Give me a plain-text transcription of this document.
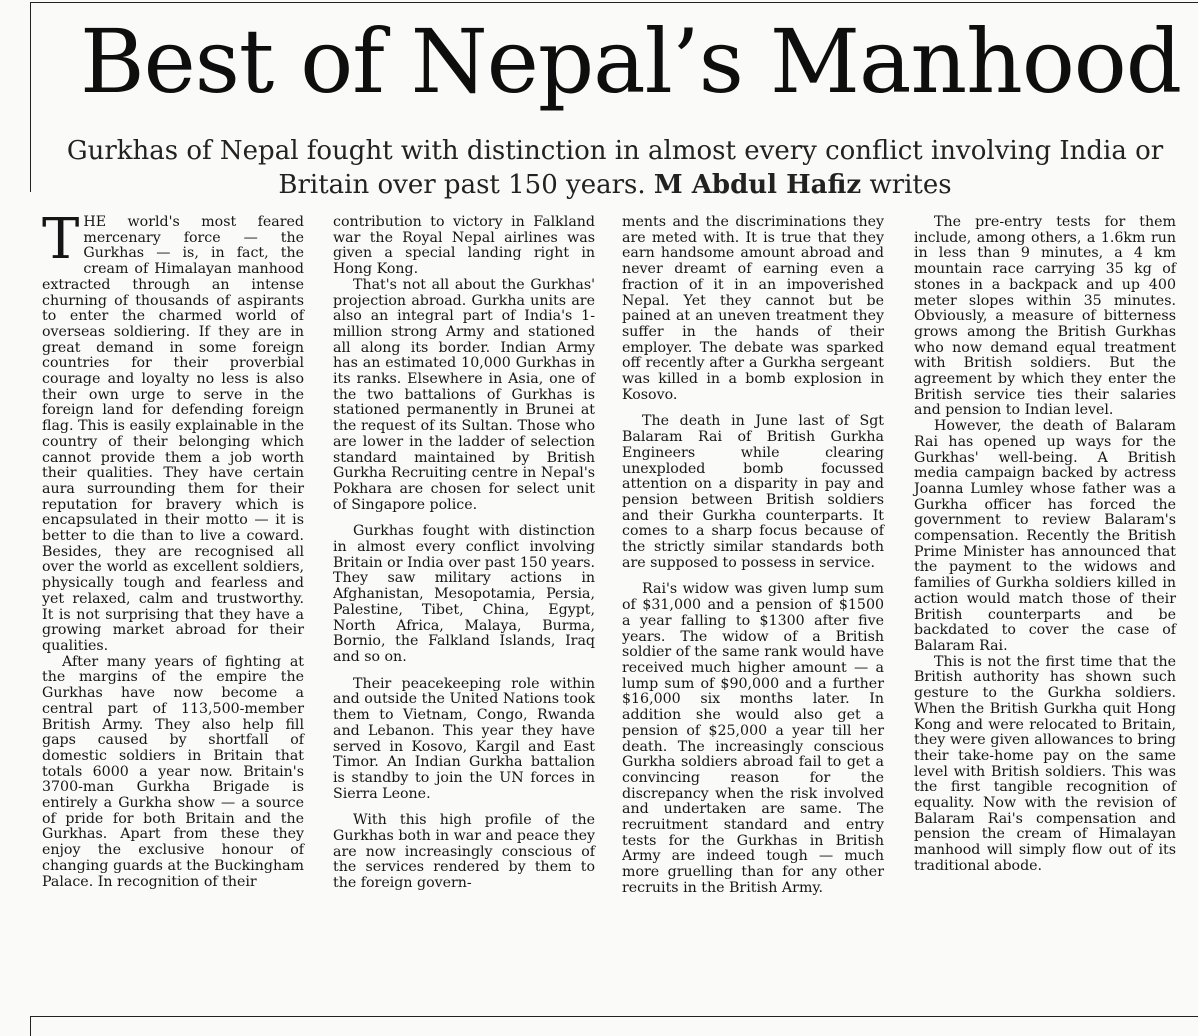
Best of Nepal’s Manhood
Gurkhas of Nepal fought with distinction in almost every conflict involving India or Britain over past 150 years. M Abdul Hafiz writes

THE world's most feared mercenary force — the Gurkhas — is, in fact, the cream of Himalayan manhood extracted through an intense churning of thousands of aspirants to enter the charmed world of overseas soldiering. If they are in great demand in some foreign countries for their proverbial courage and loyalty no less is also their own urge to serve in the foreign land for defending foreign flag. This is easily explainable in the country of their belonging which cannot provide them a job worth their qualities. They have certain aura surrounding them for their reputation for bravery which is encapsulated in their motto — it is better to die than to live a coward. Besides, they are recognised all over the world as excellent soldiers, physically tough and fearless and yet relaxed, calm and trustworthy. It is not surprising that they have a growing market abroad for their qualities.

After many years of fighting at the margins of the empire the Gurkhas have now become a central part of 113,500-member British Army. They also help fill gaps caused by shortfall of domestic soldiers in Britain that totals 6000 a year now. Britain's 3700-man Gurkha Brigade is entirely a Gurkha show — a source of pride for both Britain and the Gurkhas. Apart from these they enjoy the exclusive honour of changing guards at the Buckingham Palace. In recognition of their

contribution to victory in Falkland war the Royal Nepal airlines was given a special landing right in Hong Kong.

That's not all about the Gurkhas' projection abroad. Gurkha units are also an integral part of India's 1-million strong Army and stationed all along its border. Indian Army has an estimated 10,000 Gurkhas in its ranks. Elsewhere in Asia, one of the two battalions of Gurkhas is stationed permanently in Brunei at the request of its Sultan. Those who are lower in the ladder of selection standard maintained by British Gurkha Recruiting centre in Nepal's Pokhara are chosen for select unit of Singapore police.

Gurkhas fought with distinction in almost every conflict involving Britain or India over past 150 years. They saw military actions in Afghanistan, Mesopotamia, Persia, Palestine, Tibet, China, Egypt, North Africa, Malaya, Burma, Bornio, the Falkland Islands, Iraq and so on.

Their peacekeeping role within and outside the United Nations took them to Vietnam, Congo, Rwanda and Lebanon. This year they have served in Kosovo, Kargil and East Timor. An Indian Gurkha battalion is standby to join the UN forces in Sierra Leone.

With this high profile of the Gurkhas both in war and peace they are now increasingly conscious of the services rendered by them to the foreign govern-

ments and the discriminations they are meted with. It is true that they earn handsome amount abroad and never dreamt of earning even a fraction of it in an impoverished Nepal. Yet they cannot but be pained at an uneven treatment they suffer in the hands of their employer. The debate was sparked off recently after a Gurkha sergeant was killed in a bomb explosion in Kosovo.

The death in June last of Sgt Balaram Rai of British Gurkha Engineers while clearing unexploded bomb focussed attention on a disparity in pay and pension between British soldiers and their Gurkha counterparts. It comes to a sharp focus because of the strictly similar standards both are supposed to possess in service.

Rai's widow was given lump sum of $31,000 and a pension of $1500 a year falling to $1300 after five years. The widow of a British soldier of the same rank would have received much higher amount — a lump sum of $90,000 and a further $16,000 six months later. In addition she would also get a pension of $25,000 a year till her death. The increasingly conscious Gurkha soldiers abroad fail to get a convincing reason for the discrepancy when the risk involved and undertaken are same. The recruitment standard and entry tests for the Gurkhas in British Army are indeed tough — much more gruelling than for any other recruits in the British Army.

The pre-entry tests for them include, among others, a 1.6km run in less than 9 minutes, a 4 km mountain race carrying 35 kg of stones in a backpack and up 400 meter slopes within 35 minutes. Obviously, a measure of bitterness grows among the British Gurkhas who now demand equal treatment with British soldiers. But the agreement by which they enter the British service ties their salaries and pension to Indian level.

However, the death of Balaram Rai has opened up ways for the Gurkhas' well-being. A British media campaign backed by actress Joanna Lumley whose father was a Gurkha officer has forced the government to review Balaram's compensation. Recently the British Prime Minister has announced that the payment to the widows and families of Gurkha soldiers killed in action would match those of their British counterparts and be backdated to cover the case of Balaram Rai.

This is not the first time that the British authority has shown such gesture to the Gurkha soldiers. When the British Gurkha quit Hong Kong and were relocated to Britain, they were given allowances to bring their take-home pay on the same level with British soldiers. This was the first tangible recognition of equality. Now with the revision of Balaram Rai's compensation and pension the cream of Himalayan manhood will simply flow out of its traditional abode.
